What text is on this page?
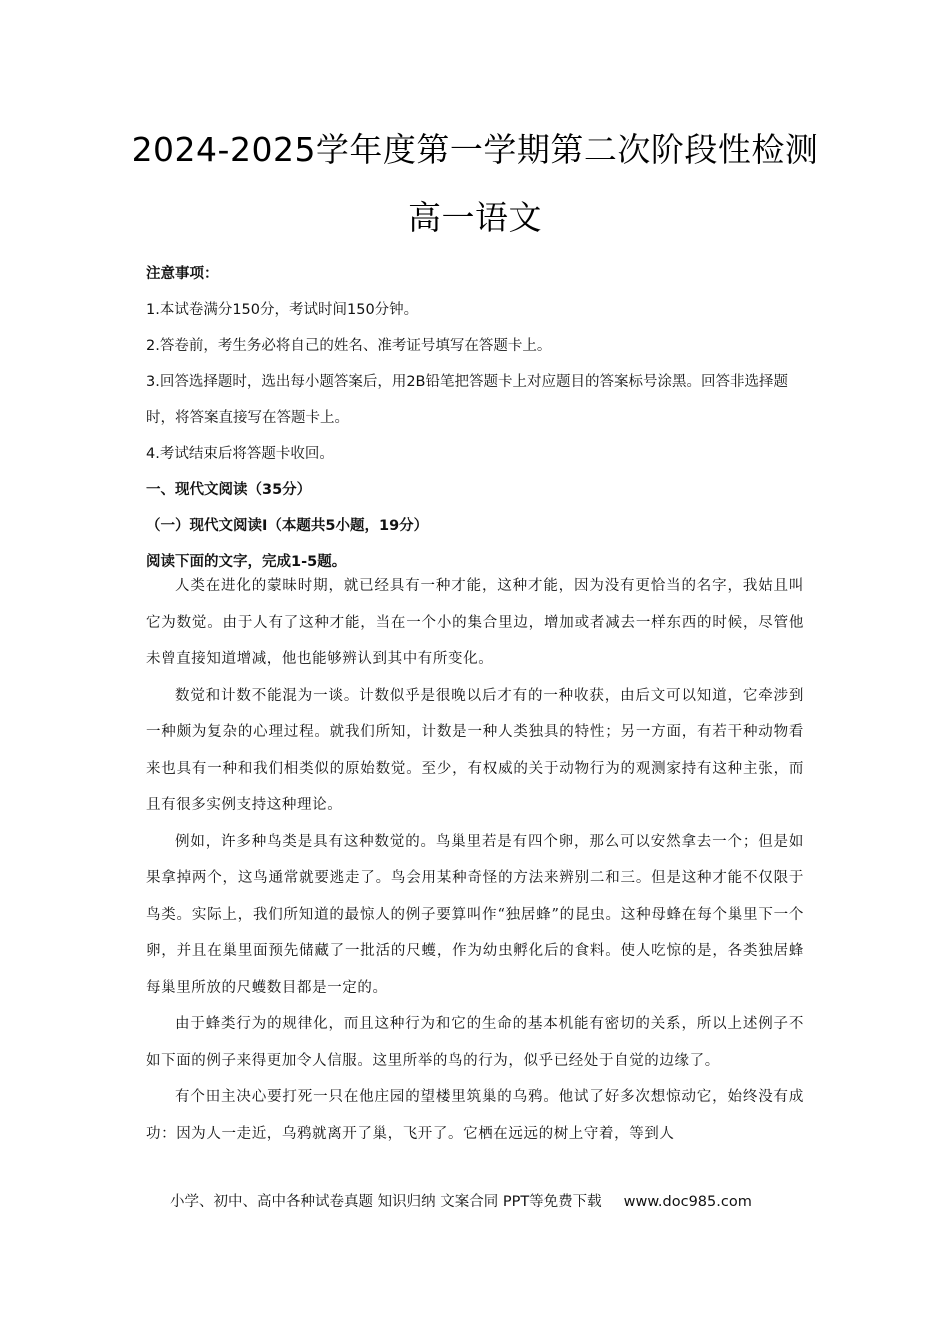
2024-2025学年度第一学期第二次阶段性检测
高一语文

注意事项：

1.本试卷满分150分，考试时间150分钟。

2.答卷前，考生务必将自己的姓名、准考证号填写在答题卡上。

3.回答选择题时，选出每小题答案后，用2B铅笔把答题卡上对应题目的答案标号涂黑。回答非选择题时，将答案直接写在答题卡上。

4.考试结束后将答题卡收回。

一、现代文阅读（35分）

（一）现代文阅读Ⅰ（本题共5小题，19分）

阅读下面的文字，完成1-5题。

人类在进化的蒙昧时期，就已经具有一种才能，这种才能，因为没有更恰当的名字，我姑且叫它为数觉。由于人有了这种才能，当在一个小的集合里边，增加或者减去一样东西的时候，尽管他未曾直接知道增减，他也能够辨认到其中有所变化。

数觉和计数不能混为一谈。计数似乎是很晚以后才有的一种收获，由后文可以知道，它牵涉到一种颇为复杂的心理过程。就我们所知，计数是一种人类独具的特性；另一方面，有若干种动物看来也具有一种和我们相类似的原始数觉。至少，有权威的关于动物行为的观测家持有这种主张，而且有很多实例支持这种理论。

例如，许多种鸟类是具有这种数觉的。鸟巢里若是有四个卵，那么可以安然拿去一个；但是如果拿掉两个，这鸟通常就要逃走了。鸟会用某种奇怪的方法来辨别二和三。但是这种才能不仅限于鸟类。实际上，我们所知道的最惊人的例子要算叫作“独居蜂”的昆虫。这种母蜂在每个巢里下一个卵，并且在巢里面预先储藏了一批活的尺蠖，作为幼虫孵化后的食料。使人吃惊的是，各类独居蜂每巢里所放的尺蠖数目都是一定的。

由于蜂类行为的规律化，而且这种行为和它的生命的基本机能有密切的关系，所以上述例子不如下面的例子来得更加令人信服。这里所举的鸟的行为，似乎已经处于自觉的边缘了。

有个田主决心要打死一只在他庄园的望楼里筑巢的乌鸦。他试了好多次想惊动它，始终没有成功：因为人一走近，乌鸦就离开了巢，飞开了。它栖在远远的树上守着，等到人

小学、初中、高中各种试卷真题 知识归纳 文案合同 PPT等免费下载 www.doc985.com
